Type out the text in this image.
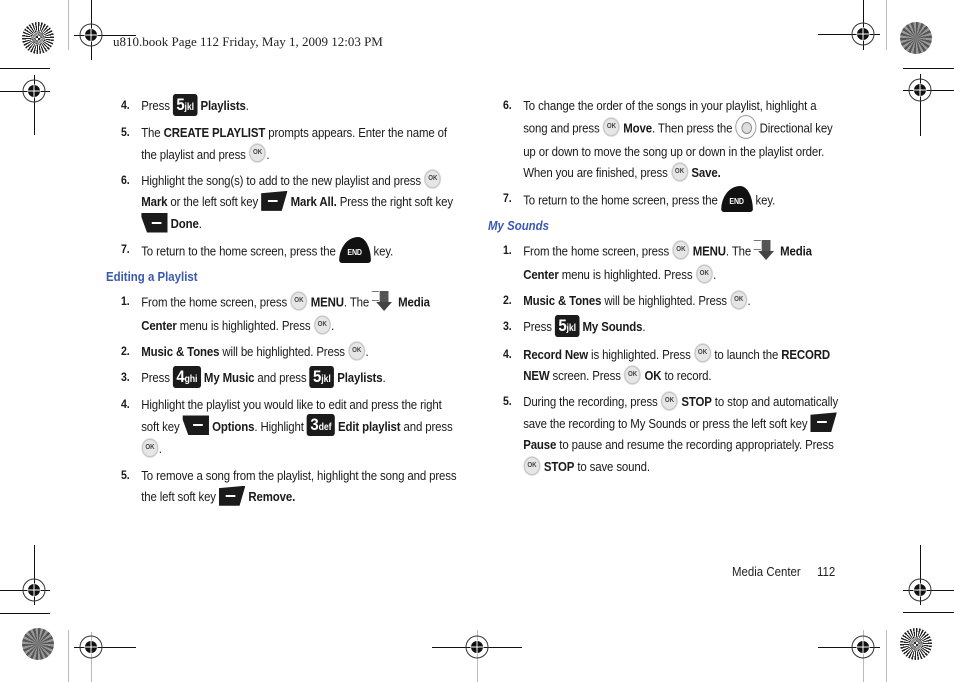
u810.book Page 112 Friday, May 1, 2009 12:03 PM
4. Press 5jkl Playlists.
5. The CREATE PLAYLIST prompts appears. Enter the name of the playlist and press OK .
6. Highlight the song(s) to add to the new playlist and press OK Mark or the left soft key	Mark All. Press the right soft key  Done.
7. To return to the home screen, press the END key.
Editing a Playlist
1. From the home screen, press OK MENU. The Media Center menu is highlighted. Press OK .
2. Music & Tones will be highlighted. Press OK .
3. Press 4ghi My Music and press 5jkl Playlists.
4. Highlight the playlist you would like to edit and press the right soft key	Options. Highlight 3def Edit playlist and press OK .
5. To remove a song from the playlist, highlight the song and press the left soft key	Remove.
6. To change the order of the songs in your playlist, highlight a song and press OK Move. Then press the Directional key up or down to move the song up or down in the playlist order. When you are finished, press OK Save.
7. To return to the home screen, press the END key.
My Sounds
1. From the home screen, press OK MENU. The Media Center menu is highlighted. Press OK .
2. Music & Tones will be highlighted. Press OK .
3. Press 5jkl My Sounds.
4. Record New is highlighted. Press OK to launch the RECORD NEW screen. Press OK OK to record.
5. During the recording, press OK STOP to stop and automatically save the recording to My Sounds or press the left soft key  Pause to pause and resume the recording appropriately. Press OK STOP to save sound.
Media Center 112
